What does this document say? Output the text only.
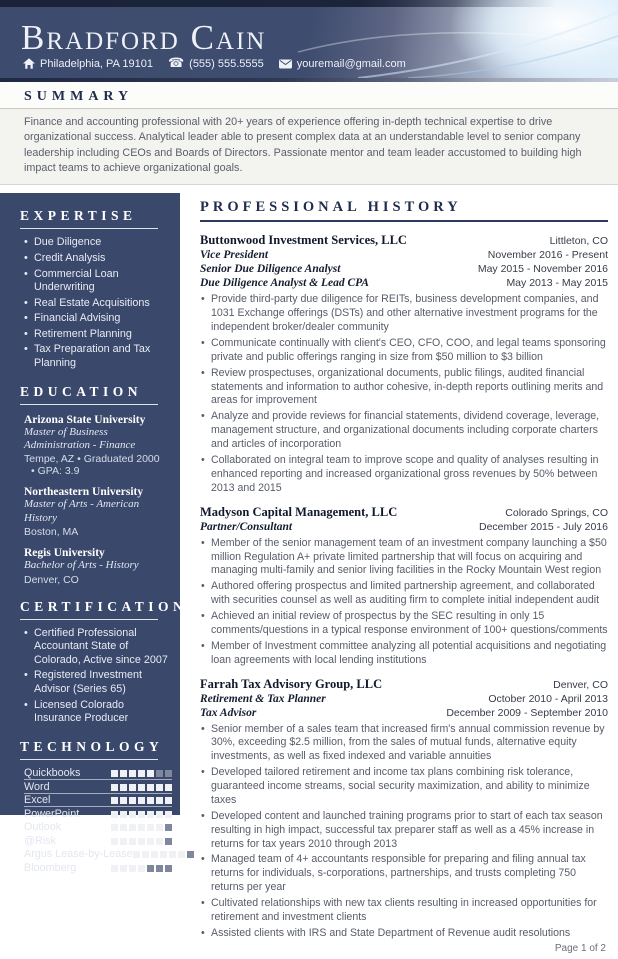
Bradford Cain
Philadelphia, PA 19101 ☎ (555) 555.5555	youremail@gmail.com
SUMMARY
Finance and accounting professional with 20+ years of experience offering in-depth technical expertise to drive organizational success. Analytical leader able to present complex data at an understandable level to senior company leadership including CEOs and Boards of Directors. Passionate mentor and team leader accustomed to building high impact teams to achieve organizational goals.
EXPERTISE
• Due Diligence
• Credit Analysis
• Commercial Loan Underwriting
• Real Estate Acquisitions
• Financial Advising
• Retirement Planning
• Tax Preparation and Tax Planning
EDUCATION
Arizona State University
Master of Business Administration - Finance
Tempe, AZ • Graduated 2000
• GPA: 3.9
Northeastern University
Master of Arts - American History
Boston, MA
Regis University
Bachelor of Arts - History
Denver, CO
CERTIFICATIONS
• Certified Professional Accountant State of Colorado, Active since 2007
• Registered Investment Advisor (Series 65)
• Licensed Colorado Insurance Producer
TECHNOLOGY
Quickbooks
Word
Excel
PowerPoint
Outlook
@Risk
Argus Lease-by-Lease
Bloomberg
PROFESSIONAL HISTORY
Buttonwood Investment Services, LLC	Littleton, CO
Vice President	November 2016 - Present
Senior Due Diligence Analyst	May 2015 - November 2016
Due Diligence Analyst & Lead CPA	May 2013 - May 2015
• Provide third-party due diligence for REITs, business development companies, and 1031 Exchange offerings (DSTs) and other alternative investment programs for the independent broker/dealer community
• Communicate continually with client's CEO, CFO, COO, and legal teams sponsoring private and public offerings ranging in size from $50 million to $3 billion
• Review prospectuses, organizational documents, public filings, audited financial statements and information to author cohesive, in-depth reports outlining merits and areas for improvement
• Analyze and provide reviews for financial statements, dividend coverage, leverage, management structure, and organizational documents including corporate charters and articles of incorporation
• Collaborated on integral team to improve scope and quality of analyses resulting in enhanced reporting and increased organizational gross revenues by 50% between 2013 and 2015
Madyson Capital Management, LLC	Colorado Springs, CO
Partner/Consultant	December 2015 - July 2016
• Member of the senior management team of an investment company launching a $50 million Regulation A+ private limited partnership that will focus on acquiring and managing multi-family and senior living facilities in the Rocky Mountain West region
• Authored offering prospectus and limited partnership agreement, and collaborated with securities counsel as well as auditing firm to complete initial independent audit
• Achieved an initial review of prospectus by the SEC resulting in only 15 comments/questions in a typical response environment of 100+ questions/comments
• Member of Investment committee analyzing all potential acquisitions and negotiating loan agreements with local lending institutions
Farrah Tax Advisory Group, LLC	Denver, CO
Retirement & Tax Planner	October 2010 - April 2013
Tax Advisor	December 2009 - September 2010
• Senior member of a sales team that increased firm's annual commission revenue by 30%, exceeding $2.5 million, from the sales of mutual funds, alternative equity investments, as well as fixed indexed and variable annuities
• Developed tailored retirement and income tax plans combining risk tolerance, guaranteed income streams, social security maximization, and ability to minimize taxes
• Developed content and launched training programs prior to start of each tax season resulting in high impact, successful tax preparer staff as well as a 45% increase in returns for tax years 2010 through 2013
• Managed team of 4+ accountants responsible for preparing and filing annual tax returns for individuals, s-corporations, partnerships, and trusts completing 750 returns per year
• Cultivated relationships with new tax clients resulting in increased opportunities for retirement and investment clients
• Assisted clients with IRS and State Department of Revenue audit resolutions
Page 1 of 2
